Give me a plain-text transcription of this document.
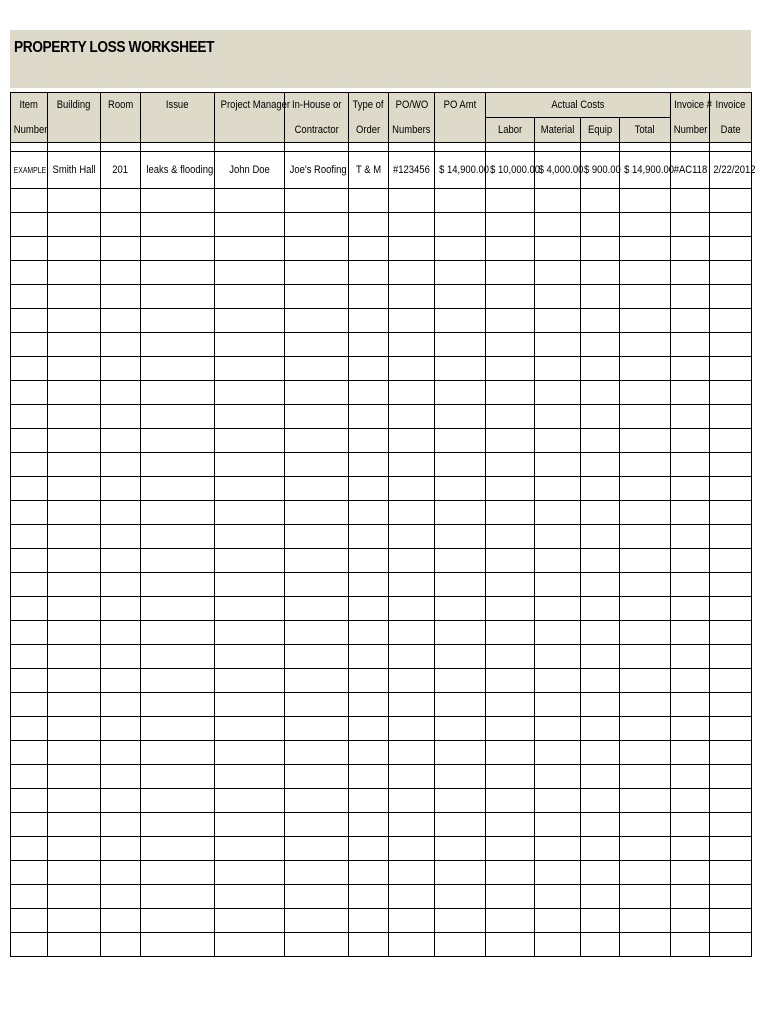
PROPERTY LOSS WORKSHEET
Item	Building	Room	Issue	Project Manager	In-House or	Type of	PO/WO	PO Amt	Actual Costs				Invoice #	Invoice
Number					Contractor	Order	Numbers		Labor	Material	Equip	Total	Number	Date

EXAMPLE	Smith Hall	201	leaks & flooding	John Doe	Joe's Roofing	T & M	#123456	$ 14,900.00	$ 10,000.00	$ 4,000.00	$ 900.00	$ 14,900.00	#AC118	2/22/2012
